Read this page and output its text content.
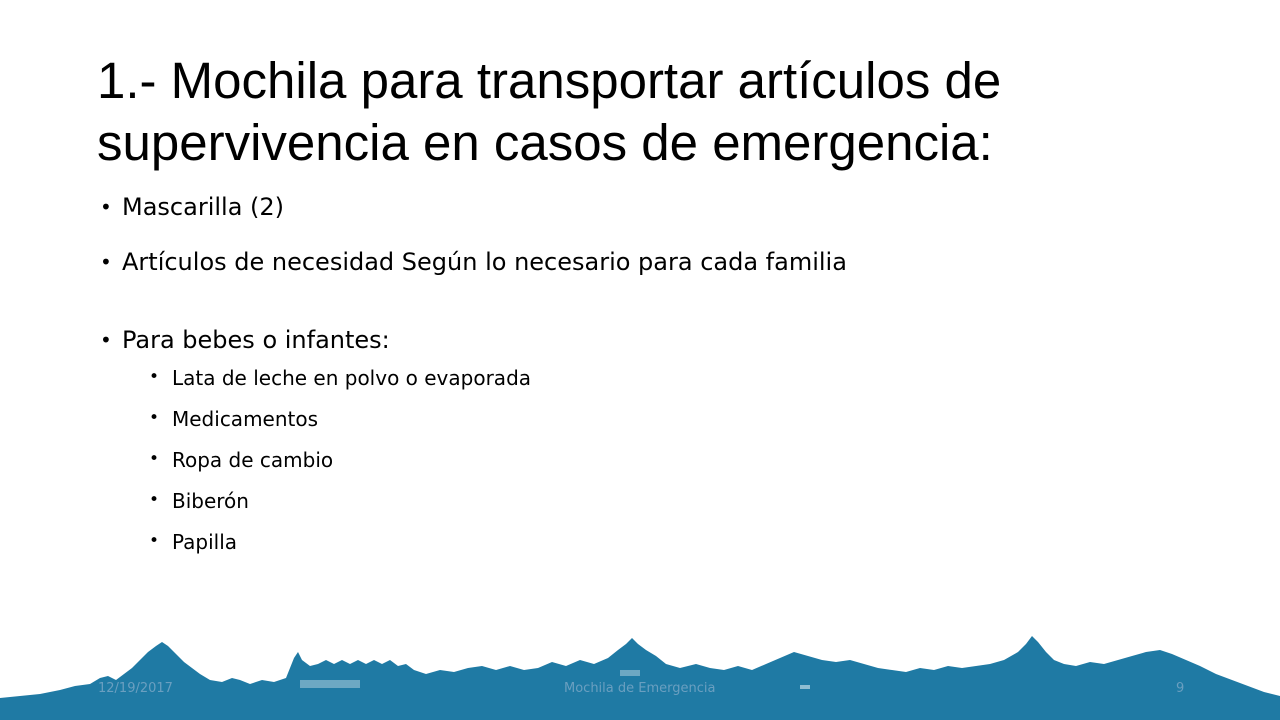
1.- Mochila para transportar artículos de supervivencia en casos de emergencia:
• Mascarilla (2)
• Artículos de necesidad Según lo necesario para cada familia
• Para bebes o infantes:
• Lata de leche en polvo o evaporada
• Medicamentos
• Ropa de cambio
• Biberón
• Papilla
12/19/2017	Mochila de Emergencia	9
